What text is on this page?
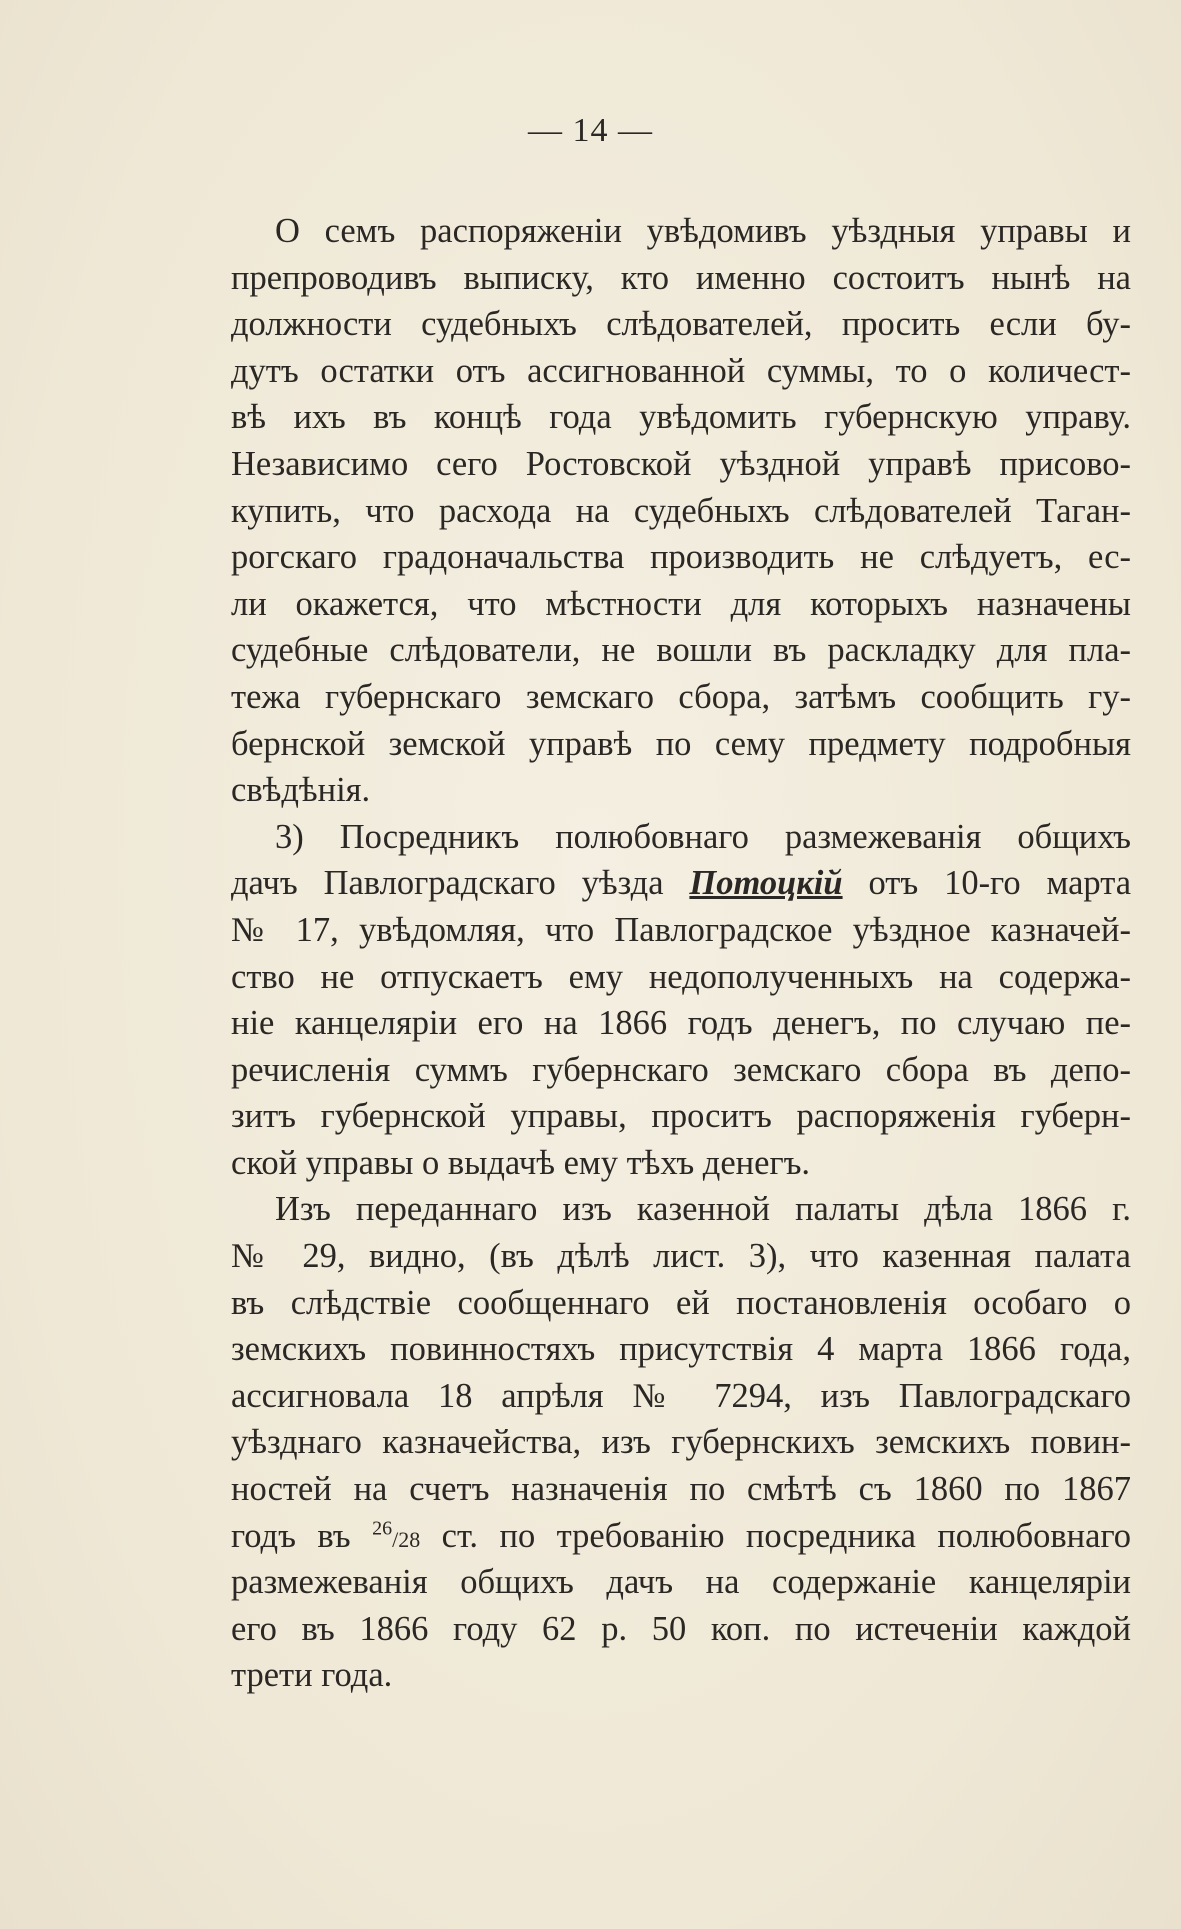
— 14 —
О семъ распоряженіи увѣдомивъ уѣздныя управы и
препроводивъ выписку, кто именно состоитъ нынѣ на
должности судебныхъ слѣдователей, просить если бу-
дутъ остатки отъ ассигнованной суммы, то о количест-
вѣ ихъ въ концѣ года увѣдомить губернскую управу.
Независимо сего Ростовской уѣздной управѣ присово-
купить, что расхода на судебныхъ слѣдователей Таган-
рогскаго градоначальства производить не слѣдуетъ, ес-
ли окажется, что мѣстности для которыхъ назначены
судебные слѣдователи, не вошли въ раскладку для пла-
тежа губернскаго земскаго сбора, затѣмъ сообщить гу-
бернской земской управѣ по сему предмету подробныя
свѣдѣнія.
3) Посредникъ полюбовнаго размежеванія общихъ
дачъ Павлоградскаго уѣзда Потоцкій отъ 10-го марта
№ 17, увѣдомляя, что Павлоградское уѣздное казначей-
ство не отпускаетъ ему недополученныхъ на содержа-
ніе канцеляріи его на 1866 годъ денегъ, по случаю пе-
речисленія суммъ губернскаго земскаго сбора въ депо-
зитъ губернской управы, проситъ распоряженія губерн-
ской управы о выдачѣ ему тѣхъ денегъ.
Изъ переданнаго изъ казенной палаты дѣла 1866 г.
№ 29, видно, (въ дѣлѣ лист. 3), что казенная палата
въ слѣдствіе сообщеннаго ей постановленія особаго о
земскихъ повинностяхъ присутствія 4 марта 1866 года,
ассигновала 18 апрѣля № 7294, изъ Павлоградскаго
уѣзднаго казначейства, изъ губернскихъ земскихъ повин-
ностей на счетъ назначенія по смѣтѣ съ 1860 по 1867
годъ въ $^{26}$/28 ст. по требованію посредника полюбовнаго
размежеванія общихъ дачъ на содержаніе канцеляріи
его въ 1866 году 62 р. 50 коп. по истеченіи каждой
трети года.
